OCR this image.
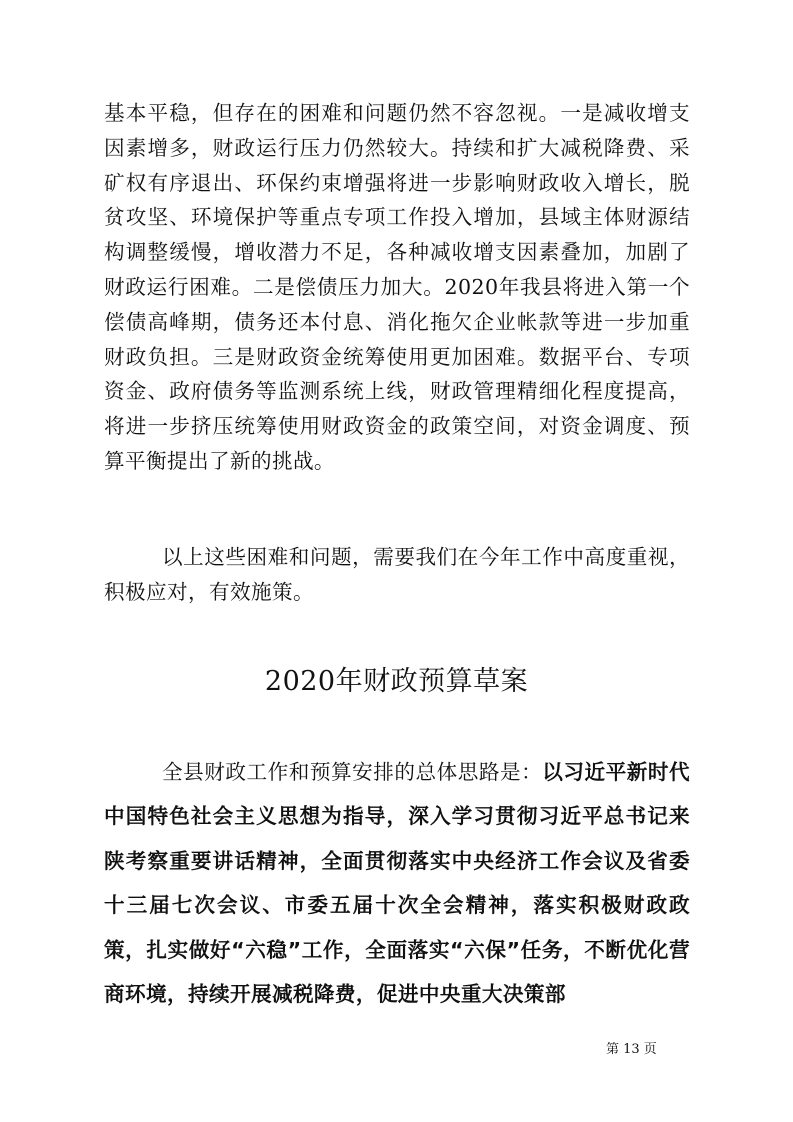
基本平稳，但存在的困难和问题仍然不容忽视。一是减收增支因素增多，财政运行压力仍然较大。持续和扩大减税降费、采矿权有序退出、环保约束增强将进一步影响财政收入增长，脱贫攻坚、环境保护等重点专项工作投入增加，县域主体财源结构调整缓慢，增收潜力不足，各种减收增支因素叠加，加剧了财政运行困难。二是偿债压力加大。2020年我县将进入第一个偿债高峰期，债务还本付息、消化拖欠企业帐款等进一步加重财政负担。三是财政资金统筹使用更加困难。数据平台、专项资金、政府债务等监测系统上线，财政管理精细化程度提高，将进一步挤压统筹使用财政资金的政策空间，对资金调度、预算平衡提出了新的挑战。

以上这些困难和问题，需要我们在今年工作中高度重视，积极应对，有效施策。

2020年财政预算草案

全县财政工作和预算安排的总体思路是：以习近平新时代中国特色社会主义思想为指导，深入学习贯彻习近平总书记来陕考察重要讲话精神，全面贯彻落实中央经济工作会议及省委十三届七次会议、市委五届十次全会精神，落实积极财政政策，扎实做好“六稳”工作，全面落实“六保”任务，不断优化营商环境，持续开展减税降费，促进中央重大决策部

第 13 页
